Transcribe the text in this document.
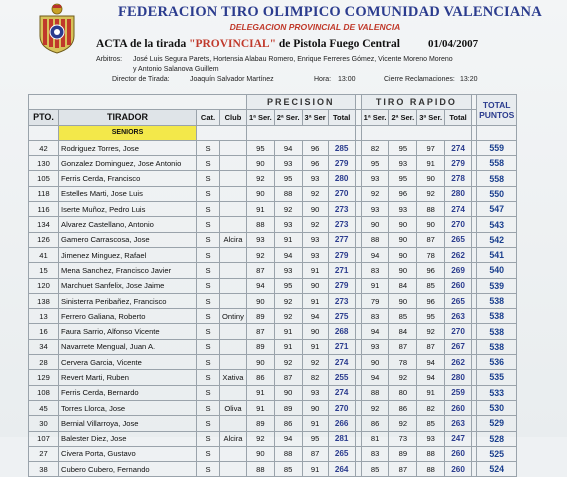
FEDERACION TIRO OLIMPICO COMUNIDAD VALENCIANA
DELEGACION PROVINCIAL DE VALENCIA
ACTA de la tirada "PROVINCIAL" de Pistola Fuego Central	01/04/2007
Arbitros: José Luis Segura Parets, Hortensia Alabau Romero, Enrique Ferreres Gómez, Vicente Moreno Moreno
y Antonio Salanova Guillem
Director de Tirada:	Joaquín Salvador Martínez	Hora: 13:00	Cierre Reclamaciones: 13:20
				PRECISION					TIRO RAPIDO					TOTAL
PUNTOS

PTO.	TIRADOR	Cat.	Club	1ª Ser.	2ª Ser.	3ª Ser	Total		1ª Ser.	2ª Ser.	3ª Ser.	Total		
	SENIORS													
42	Rodriguez Torres, Jose	S		95	94	96	285		82	95	97	274		559
130	Gonzalez Dominguez, Jose Antonio	S		90	93	96	279		95	93	91	279		558
105	Ferris Cerda, Francisco	S		92	95	93	280		93	95	90	278		558
118	Estelles Marti, Jose Luis	S		90	88	92	270		92	96	92	280		550
116	Iserte Muñoz, Pedro Luis	S		91	92	90	273		93	93	88	274		547
134	Alvarez Castellano, Antonio	S		88	93	92	273		90	90	90	270		543
126	Gamero Carrascosa, Jose	S	Alcira	93	91	93	277		88	90	87	265		542
41	Jimenez Minguez, Rafael	S		92	94	93	279		94	90	78	262		541
15	Mena Sanchez, Francisco Javier	S		87	93	91	271		83	90	96	269		540
120	Marchuet Sanfelix, Jose Jaime	S		94	95	90	279		91	84	85	260		539
138	Sinisterra Peribañez, Francisco	S		90	92	91	273		79	90	96	265		538
13	Ferrero Galiana, Roberto	S	Ontiny	89	92	94	275		83	85	95	263		538
16	Faura Sarrio, Alfonso Vicente	S		87	91	90	268		94	84	92	270		538
34	Navarrete Mengual, Juan A.	S		89	91	91	271		93	87	87	267		538
28	Cervera Garcia, Vicente	S		90	92	92	274		90	78	94	262		536
129	Revert Marti, Ruben	S	Xativa	86	87	82	255		94	92	94	280		535
108	Ferris Cerda, Bernardo	S		91	90	93	274		88	80	91	259		533
45	Torres Llorca, Jose	S	Oliva	91	89	90	270		92	86	82	260		530
30	Bernial Villarroya, Jose	S		89	86	91	266		86	92	85	263		529
107	Balester Diez, Jose	S	Alcira	92	94	95	281		81	73	93	247		528
27	Civera Porta, Gustavo	S		90	88	87	265		83	89	88	260		525
38	Cubero Cubero, Fernando	S		88	85	91	264		85	87	88	260		524
